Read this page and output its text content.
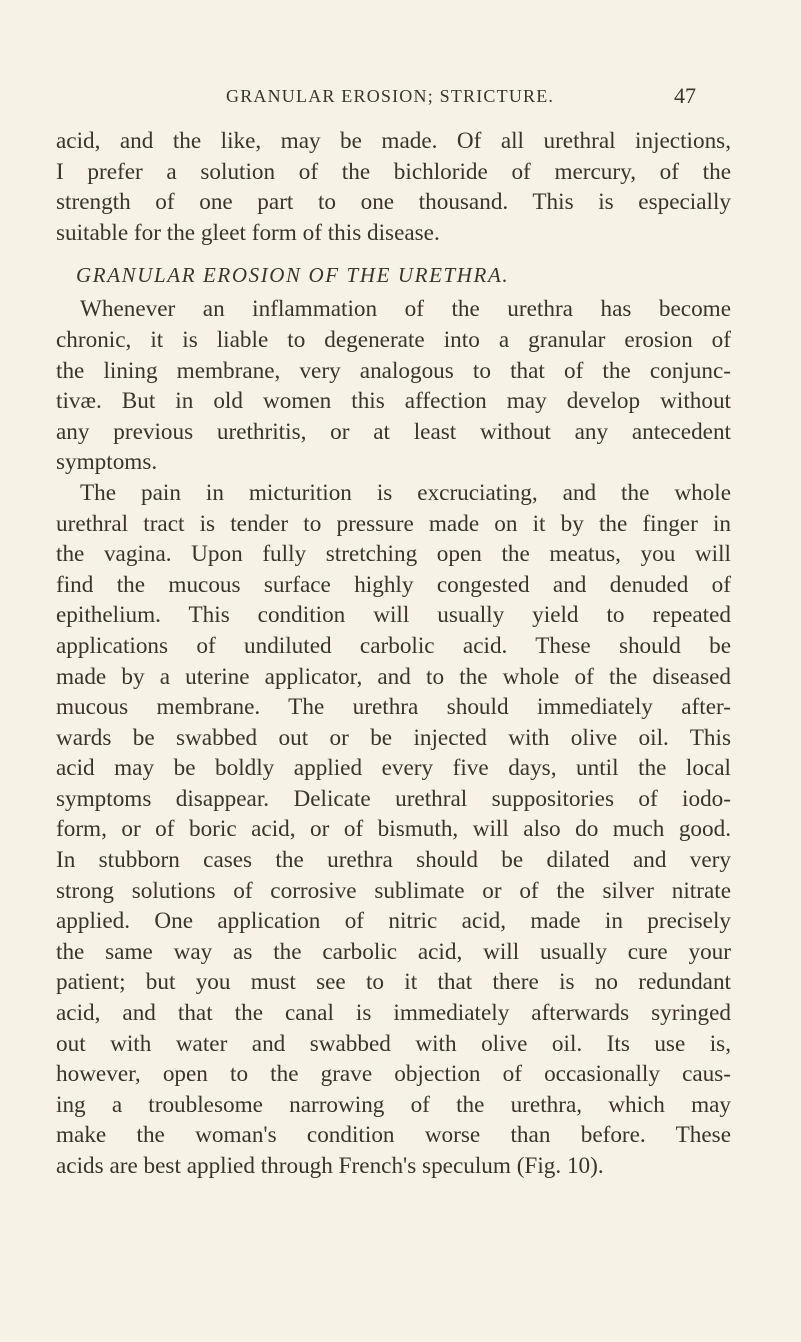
GRANULAR EROSION; STRICTURE.	47
acid, and the like, may be made. Of all urethral injections,
I prefer a solution of the bichloride of mercury, of the
strength of one part to one thousand. This is especially
suitable for the gleet form of this disease.
GRANULAR EROSION OF THE URETHRA.
Whenever an inflammation of the urethra has become
chronic, it is liable to degenerate into a granular erosion of
the lining membrane, very analogous to that of the conjunc-
tivæ. But in old women this affection may develop without
any previous urethritis, or at least without any antecedent
symptoms.
The pain in micturition is excruciating, and the whole
urethral tract is tender to pressure made on it by the finger in
the vagina. Upon fully stretching open the meatus, you will
find the mucous surface highly congested and denuded of
epithelium. This condition will usually yield to repeated
applications of undiluted carbolic acid. These should be
made by a uterine applicator, and to the whole of the diseased
mucous membrane. The urethra should immediately after-
wards be swabbed out or be injected with olive oil. This
acid may be boldly applied every five days, until the local
symptoms disappear. Delicate urethral suppositories of iodo-
form, or of boric acid, or of bismuth, will also do much good.
In stubborn cases the urethra should be dilated and very
strong solutions of corrosive sublimate or of the silver nitrate
applied. One application of nitric acid, made in precisely
the same way as the carbolic acid, will usually cure your
patient; but you must see to it that there is no redundant
acid, and that the canal is immediately afterwards syringed
out with water and swabbed with olive oil. Its use is,
however, open to the grave objection of occasionally caus-
ing a troublesome narrowing of the urethra, which may
make the woman's condition worse than before. These
acids are best applied through French's speculum (Fig. 10).
